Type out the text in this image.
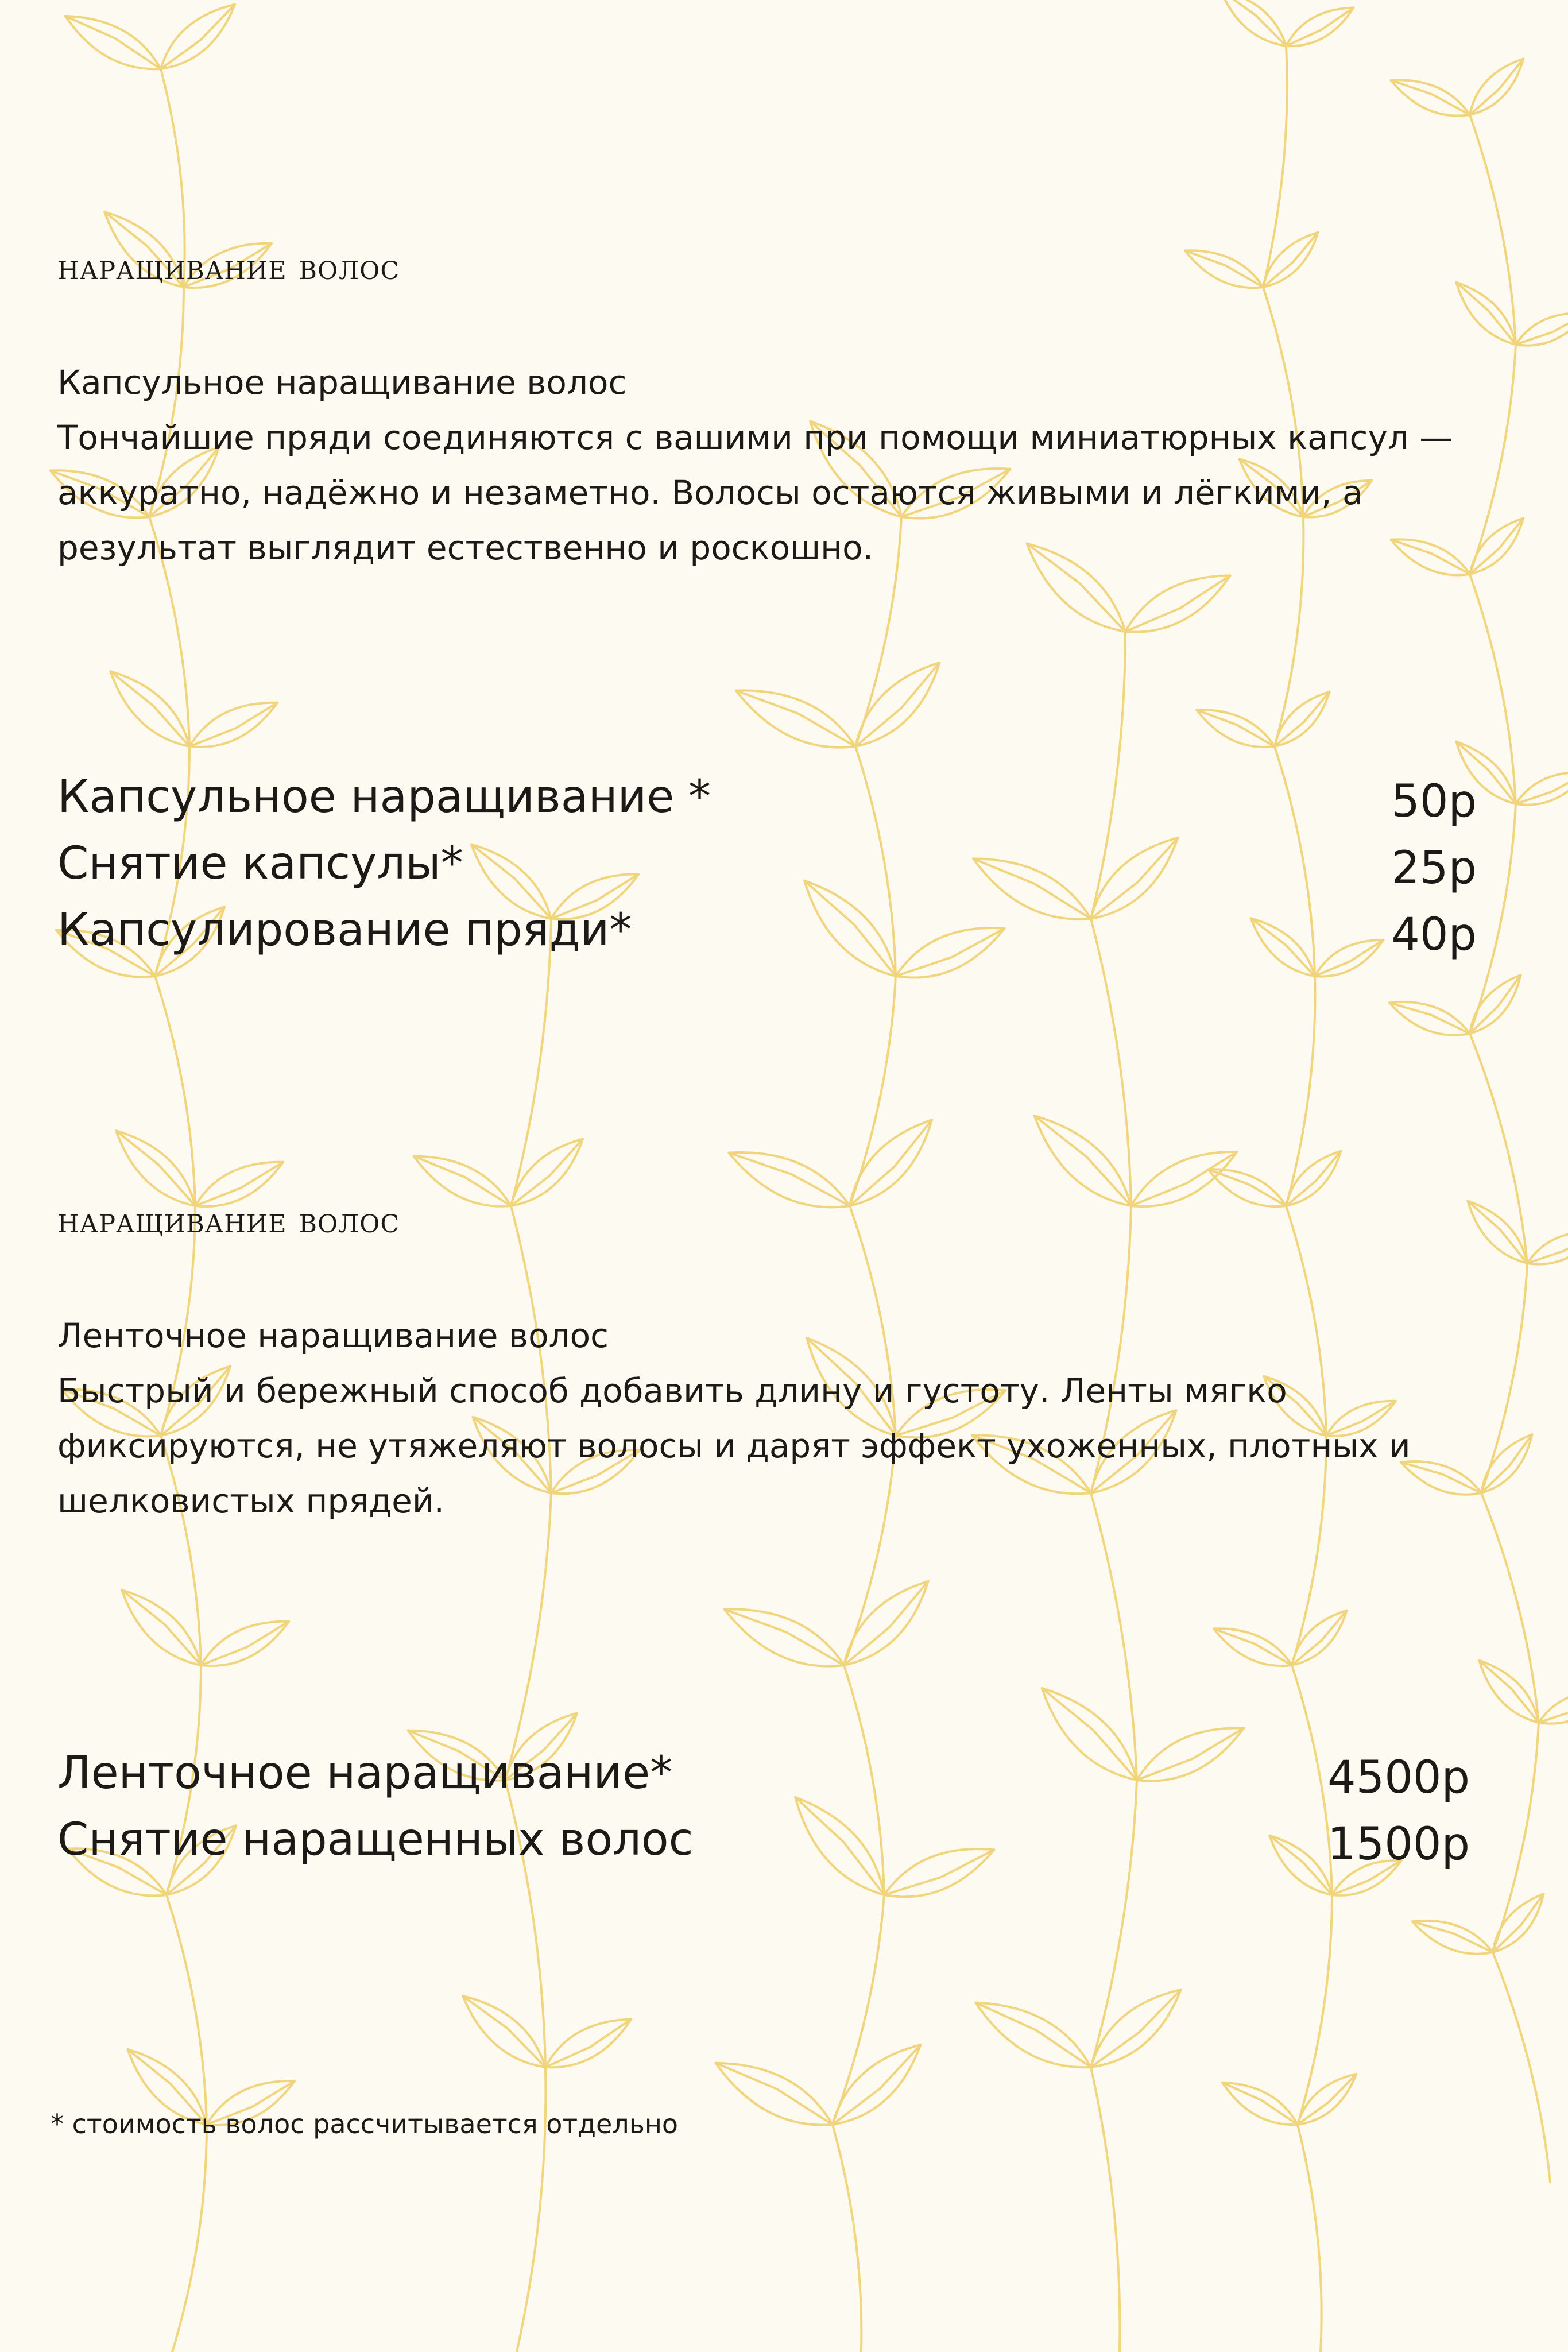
наращивание волос

Капсульное наращивание волос

Тончайшие пряди соединяются с вашими при помощи миниатюрных капсул — аккуратно, надёжно и незаметно. Волосы остаются живыми и лёгкими, а результат выглядит естественно и роскошно.

Капсульное наращивание *	50р
Снятие капсулы*	25р
Капсулирование пряди*	40р
наращивание волос

Ленточное наращивание волос

Быстрый и бережный способ добавить длину и густоту. Ленты мягко фиксируются, не утяжеляют волосы и дарят эффект ухоженных, плотных и шелковистых прядей.

Ленточное наращивание*	4500р
Снятие наращенных волос	1500р

* стоимость волос рассчитывается отдельно
